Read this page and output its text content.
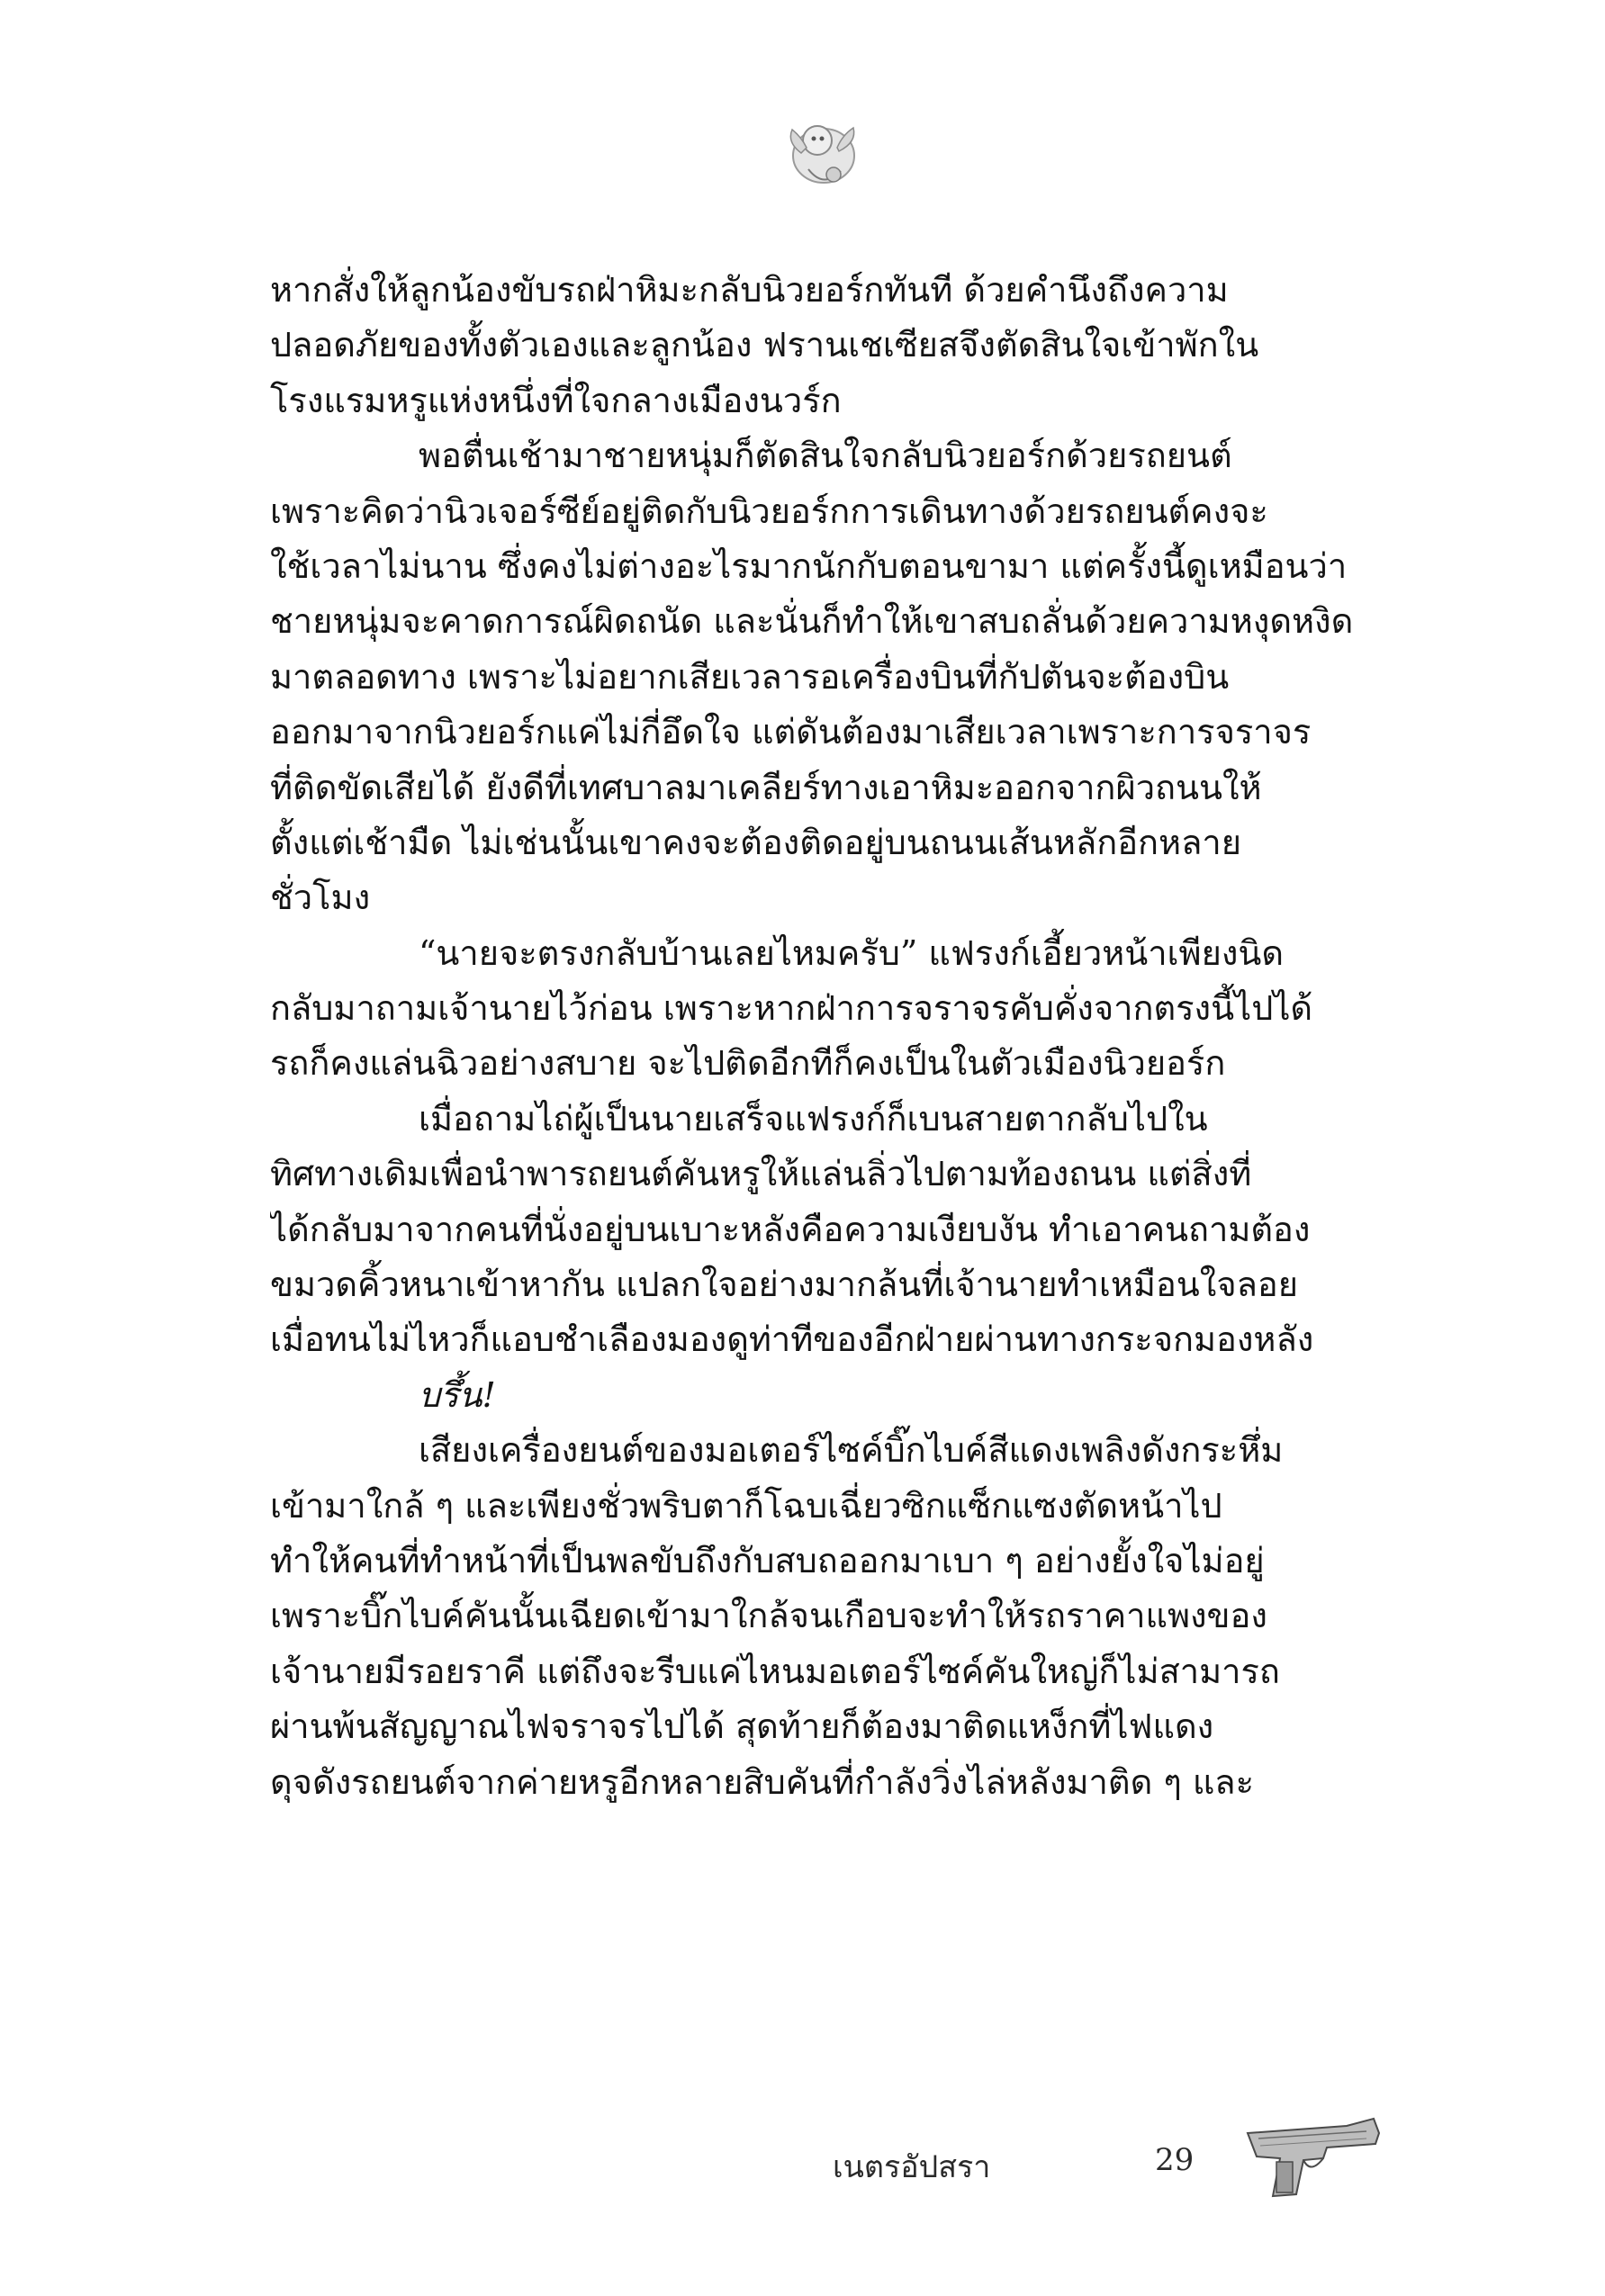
หากสั่งให้ลูกน้องขับรถฝ่าหิมะกลับนิวยอร์กทันที ด้วยคำนึงถึงความ
ปลอดภัยของทั้งตัวเองและลูกน้อง ฟรานเชเซียสจึงตัดสินใจเข้าพักใน
โรงแรมหรูแห่งหนึ่งที่ใจกลางเมืองนวร์ก
พอตื่นเช้ามาชายหนุ่มก็ตัดสินใจกลับนิวยอร์กด้วยรถยนต์
เพราะคิดว่านิวเจอร์ซีย์อยู่ติดกับนิวยอร์กการเดินทางด้วยรถยนต์คงจะ
ใช้เวลาไม่นาน ซึ่งคงไม่ต่างอะไรมากนักกับตอนขามา แต่ครั้งนี้ดูเหมือนว่า
ชายหนุ่มจะคาดการณ์ผิดถนัด และนั่นก็ทำให้เขาสบถลั่นด้วยความหงุดหงิด
มาตลอดทาง เพราะไม่อยากเสียเวลารอเครื่องบินที่กัปตันจะต้องบิน
ออกมาจากนิวยอร์กแค่ไม่กี่อึดใจ แต่ดันต้องมาเสียเวลาเพราะการจราจร
ที่ติดขัดเสียได้ ยังดีที่เทศบาลมาเคลียร์ทางเอาหิมะออกจากผิวถนนให้
ตั้งแต่เช้ามืด ไม่เช่นนั้นเขาคงจะต้องติดอยู่บนถนนเส้นหลักอีกหลาย
ชั่วโมง
“นายจะตรงกลับบ้านเลยไหมครับ” แฟรงก์เอี้ยวหน้าเพียงนิด
กลับมาถามเจ้านายไว้ก่อน เพราะหากฝ่าการจราจรคับคั่งจากตรงนี้ไปได้
รถก็คงแล่นฉิวอย่างสบาย จะไปติดอีกทีก็คงเป็นในตัวเมืองนิวยอร์ก
เมื่อถามไถ่ผู้เป็นนายเสร็จแฟรงก์ก็เบนสายตากลับไปใน
ทิศทางเดิมเพื่อนำพารถยนต์คันหรูให้แล่นลิ่วไปตามท้องถนน แต่สิ่งที่
ได้กลับมาจากคนที่นั่งอยู่บนเบาะหลังคือความเงียบงัน ทำเอาคนถามต้อง
ขมวดคิ้วหนาเข้าหากัน แปลกใจอย่างมากล้นที่เจ้านายทำเหมือนใจลอย
เมื่อทนไม่ไหวก็แอบชำเลืองมองดูท่าทีของอีกฝ่ายผ่านทางกระจกมองหลัง
บรึ้น!
เสียงเครื่องยนต์ของมอเตอร์ไซค์บิ๊กไบค์สีแดงเพลิงดังกระหึ่ม
เข้ามาใกล้ ๆ และเพียงชั่วพริบตาก็โฉบเฉี่ยวซิกแซ็กแซงตัดหน้าไป
ทำให้คนที่ทำหน้าที่เป็นพลขับถึงกับสบถออกมาเบา ๆ อย่างยั้งใจไม่อยู่
เพราะบิ๊กไบค์คันนั้นเฉียดเข้ามาใกล้จนเกือบจะทำให้รถราคาแพงของ
เจ้านายมีรอยราคี แต่ถึงจะรีบแค่ไหนมอเตอร์ไซค์คันใหญ่ก็ไม่สามารถ
ผ่านพ้นสัญญาณไฟจราจรไปได้ สุดท้ายก็ต้องมาติดแหง็กที่ไฟแดง
ดุจดังรถยนต์จากค่ายหรูอีกหลายสิบคันที่กำลังวิ่งไล่หลังมาติด ๆ และ
เนตรอัปสรา	29
